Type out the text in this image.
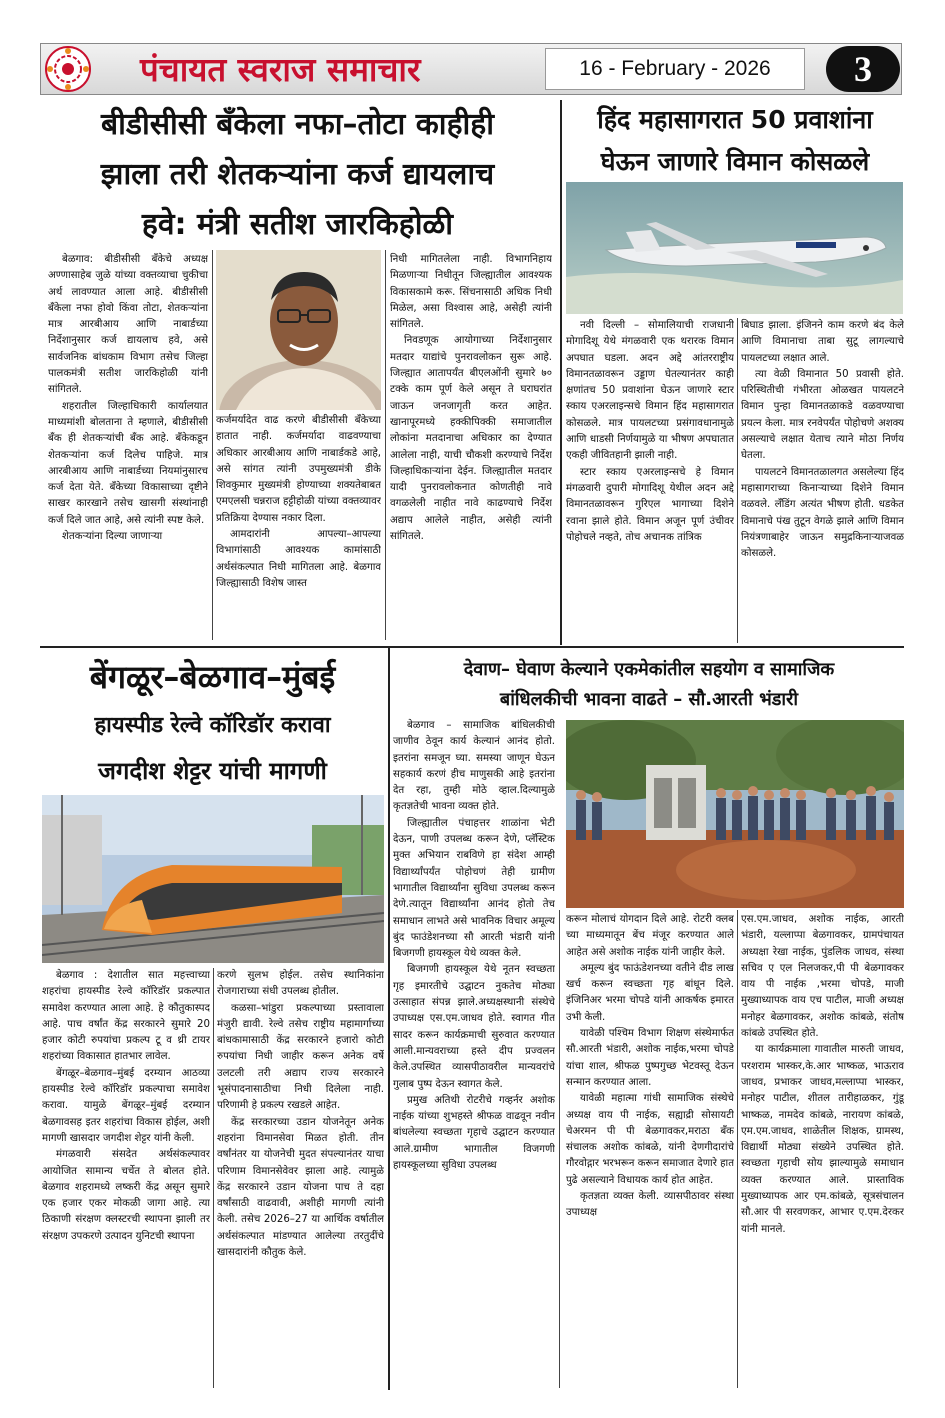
पंचायत स्वराज समाचार	16 - February - 2026	3
बीडीसीसी बँकेला नफा–तोटा काहीही
झाला तरी शेतकऱ्यांना कर्ज द्यायलाच
हवे: मंत्री सतीश जारकिहोळी

बेळगाव: बीडीसीसी बँकेचे अध्यक्ष अण्णासाहेब जुळे यांच्या वक्तव्याचा चुकीचा अर्थ लावण्यात आला आहे. बीडीसीसी बँकेला नफा होवो किंवा तोटा, शेतकऱ्यांना मात्र आरबीआय आणि नाबार्डच्या निर्देशानुसार कर्ज द्यायलाच हवे, असे सार्वजनिक बांधकाम विभाग तसेच जिल्हा पालकमंत्री सतीश जारकिहोळी यांनी सांगितले.

शहरातील जिल्हाधिकारी कार्यालयात माध्यमांशी बोलताना ते म्हणाले, बीडीसीसी बँक ही शेतकऱ्यांची बँक आहे. बँकेकडून शेतकऱ्यांना कर्ज दिलेच पाहिजे. मात्र आरबीआय आणि नाबार्डच्या नियमांनुसारच कर्ज देता येते. बँकेच्या विकासाच्या दृष्टीने साखर कारखाने तसेच खासगी संस्थांनाही कर्ज दिले जात आहे, असे त्यांनी स्पष्ट केले.

शेतकऱ्यांना दिल्या जाणाऱ्या

कर्जमर्यादेत वाढ करणे बीडीसीसी बँकेच्या हातात नाही. कर्जमर्यादा वाढवण्याचा अधिकार आरबीआय आणि नाबार्डकडे आहे, असे सांगत त्यांनी उपमुख्यमंत्री डीके शिवकुमार मुख्यमंत्री होण्याच्या शक्यतेबाबत एमएलसी चन्नराज हट्टीहोळी यांच्या वक्तव्यावर प्रतिक्रिया देण्यास नकार दिला.

आमदारांनी आपल्या–आपल्या विभागांसाठी आवश्यक कामांसाठी अर्थसंकल्पात निधी मागितला आहे. बेळगाव जिल्ह्यासाठी विशेष जास्त

निधी मागितलेला नाही. विभागनिहाय मिळणाऱ्या निधीतून जिल्ह्यातील आवश्यक विकासकामे करू. सिंचनासाठी अधिक निधी मिळेल, असा विश्वास आहे, असेही त्यांनी सांगितले.

निवडणूक आयोगाच्या निर्देशानुसार मतदार याद्यांचे पुनरावलोकन सुरू आहे. जिल्ह्यात आतापर्यंत बीएलओंनी सुमारे ७० टक्के काम पूर्ण केले असून ते घराघरांत जाऊन जनजागृती करत आहेत. खानापूरमध्ये हक्कीपिक्की समाजातील लोकांना मतदानाचा अधिकार का देण्यात आलेला नाही, याची चौकशी करण्याचे निर्देश जिल्हाधिकाऱ्यांना देईन. जिल्ह्यातील मतदार यादी पुनरावलोकनात कोणतीही नावे वगळलेली नाहीत नावे काढण्याचे निर्देश अद्याप आलेले नाहीत, असेही त्यांनी सांगितले.

हिंद महासागरात 50 प्रवाशांना
घेऊन जाणारे विमान कोसळले

नवी दिल्ली – सोमालियाची राजधानी मोगादिशू येथे मंगळवारी एक थरारक विमान अपघात घडला. अदन अद्दे आंतरराष्ट्रीय विमानतळावरून उड्डाण घेतल्यानंतर काही क्षणांतच 50 प्रवाशांना घेऊन जाणारे स्टार स्काय एअरलाइन्सचे विमान हिंद महासागरात कोसळले. मात्र पायलटच्या प्रसंगावधानामुळे आणि धाडसी निर्णयामुळे या भीषण अपघातात एकही जीवितहानी झाली नाही.

स्टार स्काय एअरलाइन्सचे हे विमान मंगळवारी दुपारी मोगादिशू येथील अदन अद्दे विमानतळावरून गुरिएल भागाच्या दिशेने रवाना झाले होते. विमान अजून पूर्ण उंचीवर पोहोचले नव्हते, तोच अचानक तांत्रिक

बिघाड झाला. इंजिनने काम करणे बंद केले आणि विमानाचा ताबा सुटू लागल्याचे पायलटच्या लक्षात आले.

त्या वेळी विमानात 50 प्रवासी होते. परिस्थितीची गंभीरता ओळखत पायलटने विमान पुन्हा विमानतळाकडे वळवण्याचा प्रयत्न केला. मात्र रनवेपर्यंत पोहोचणे अशक्य असल्याचे लक्षात येताच त्याने मोठा निर्णय घेतला.

पायलटने विमानतळालगत असलेल्या हिंद महासागराच्या किनाऱ्याच्या दिशेने विमान वळवले. लँडिंग अत्यंत भीषण होती. धडकेत विमानाचे पंख तुटून वेगळे झाले आणि विमान नियंत्रणाबाहेर जाऊन समुद्रकिनाऱ्याजवळ कोसळले.

बेंगळूर–बेळगाव–मुंबई
हायस्पीड रेल्वे कॉरिडॉर करावा
जगदीश शेट्टर यांची मागणी

बेळगाव : देशातील सात महत्त्वाच्या शहरांचा हायस्पीड रेल्वे कॉरिडॉर प्रकल्पात समावेश करण्यात आला आहे. हे कौतुकास्पद आहे. पाच वर्षांत केंद्र सरकारने सुमारे 20 हजार कोटी रुपयांचा प्रकल्प टू व थ्री टायर शहरांच्या विकासात हातभार लावेल.

बेंगळूर–बेळगाव–मुंबई दरम्यान आठव्या हायस्पीड रेल्वे कॉरिडॉर प्रकल्पाचा समावेश करावा. यामुळे बेंगळूर–मुंबई दरम्यान बेळगावसह इतर शहरांचा विकास होईल, अशी मागणी खासदार जगदीश शेट्टर यांनी केली.

मंगळवारी संसदेत अर्थसंकल्पावर आयोजित सामान्य चर्चेत ते बोलत होते. बेळगाव शहरामध्ये लष्करी केंद्र असून सुमारे एक हजार एकर मोकळी जागा आहे. त्या ठिकाणी संरक्षण क्लस्टरची स्थापना झाली तर संरक्षण उपकरणे उत्पादन युनिटची स्थापना

करणे सुलभ होईल. तसेच स्थानिकांना रोजगाराच्या संधी उपलब्ध होतील.

कळसा–भांडुरा प्रकल्पाच्या प्रस्तावाला मंजुरी द्यावी. रेल्वे तसेच राष्ट्रीय महामार्गाच्या बांधकामासाठी केंद्र सरकारने हजारो कोटी रुपयांचा निधी जाहीर करून अनेक वर्षे उलटली तरी अद्याप राज्य सरकारने भूसंपादनासाठीचा निधी दिलेला नाही. परिणामी हे प्रकल्प रखडले आहेत.

केंद्र सरकारच्या उडान योजनेतून अनेक शहरांना विमानसेवा मिळत होती. तीन वर्षांनंतर या योजनेची मुदत संपल्यानंतर याचा परिणाम विमानसेवेवर झाला आहे. त्यामुळे केंद्र सरकारने उडान योजना पाच ते दहा वर्षांसाठी वाढवावी, अशीही मागणी त्यांनी केली. तसेच 2026–27 या आर्थिक वर्षातील अर्थसंकल्पात मांडण्यात आलेल्या तरतुदींचे खासदारांनी कौतुक केले.

देवाण– घेवाण केल्याने एकमेकांतील सहयोग व सामाजिक
बांधिलकीची भावना वाढते – सौ.आरती भंडारी

बेळगाव – सामाजिक बांधिलकीची जाणीव ठेवून कार्य केल्यानं आनंद होतो. इतरांना समजून घ्या. समस्या जाणून घेऊन सहकार्य करणं हीच माणुसकी आहे इतरांना देत रहा, तुम्ही मोठे व्हाल.दिल्यामुळे कृतज्ञतेची भावना व्यक्त होते.

जिल्ह्यातील पंचाहत्तर शाळांना भेटी देऊन, पाणी उपलब्ध करून देणे, प्लॅस्टिक मुक्त अभियान राबविणे हा संदेश आम्ही विद्यार्थ्यांपर्यंत पोहोचणं तेही ग्रामीण भागातील विद्यार्थ्यांना सुविधा उपलब्ध करून देणे.त्यातून विद्यार्थ्यांना आनंद होतो तेच समाधान लाभते असे भावनिक विचार अमूल्य बुंद फाउंडेशनच्या सौ आरती भंडारी यांनी बिजगणी हायस्कूल येथे व्यक्त केले.

बिजगणी हायस्कूल येथे नूतन स्वच्छता गृह इमारतीचे उद्घाटन नुकतेच मोठ्या उत्साहात संपन्न झाले.अध्यक्षस्थानी संस्थेचे उपाध्यक्ष एस.एम.जाधव होते. स्वागत गीत सादर करून कार्यक्रमाची सुरुवात करण्यात आली.मान्यवराच्या हस्ते दीप प्रज्वलन केले.उपस्थित व्यासपीठावरील मान्यवरांचे गुलाब पुष्प देऊन स्वागत केले.

प्रमुख अतिथी रोटरीचे गव्हर्नर अशोक नाईक यांच्या शुभहस्ते श्रीफळ वाढवून नवीन बांधलेल्या स्वच्छता गृहाचे उद्घाटन करण्यात आले.ग्रामीण भागातील विजगणी हायस्कूलच्या सुविधा उपलब्ध

करून मोलाचं योगदान दिले आहे. रोटरी क्लब च्या माध्यमातून बेंच मंजूर करण्यात आले आहेत असे अशोक नाईक यांनी जाहीर केले.

अमूल्य बुंद फाऊंडेशनच्या वतीने दीड लाख खर्च करून स्वच्छता गृह बांधून दिले. इंजिनिअर भरमा चोपडे यांनी आकर्षक इमारत उभी केली.

यावेळी पश्चिम विभाग शिक्षण संस्थेमार्फत सौ.आरती भंडारी, अशोक नाईक,भरमा चोपडे यांचा शाल, श्रीफळ पुष्पगुच्छ भेटवस्तू देऊन सन्मान करण्यात आला.

यावेळी महात्मा गांधी सामाजिक संस्थेचे अध्यक्ष वाय पी नाईक, सह्याद्री सोसायटी चेअरमन पी पी बेळगावकर,मराठा बँक संचालक अशोक कांबळे, यांनी देणगीदारांचे गौरवोद्गार भरभरून करून समाजात देणारे हात पुढे असल्याने विधायक कार्य होत आहेत.

कृतज्ञता व्यक्त केली. व्यासपीठावर संस्था उपाध्यक्ष

एस.एम.जाधव, अशोक नाईक, आरती भंडारी, यल्लाप्पा बेळगावकर, ग्रामपंचायत अध्यक्षा रेखा नाईक, पुंडलिक जाधव, संस्था सचिव ए एल निलजकर,पी पी बेळगावकर वाय पी नाईक ,भरमा चोपडे, माजी मुख्याध्यापक वाय एच पाटील, माजी अध्यक्ष मनोहर बेळगावकर, अशोक कांबळे, संतोष कांबळे उपस्थित होते.

या कार्यक्रमाला गावातील मारुती जाधव, परशराम भास्कर,के.आर भाष्कळ, भाऊराव जाधव, प्रभाकर जाधव,मल्लाप्पा भास्कर, मनोहर पाटील, शीतल तारीहाळकर, गुंडू भाष्कळ, नामदेव कांबळे, नारायण कांबळे, एम.एम.जाधव, शाळेतील शिक्षक, ग्रामस्थ, विद्यार्थी मोठ्या संख्येने उपस्थित होते. स्वच्छता गृहाची सोय झाल्यामुळे समाधान व्यक्त करण्यात आले. प्रास्ताविक मुख्याध्यापक आर एम.कांबळे, सूत्रसंचालन सौ.आर पी सरवणकर, आभार ए.एम.देरकर यांनी मानले.
